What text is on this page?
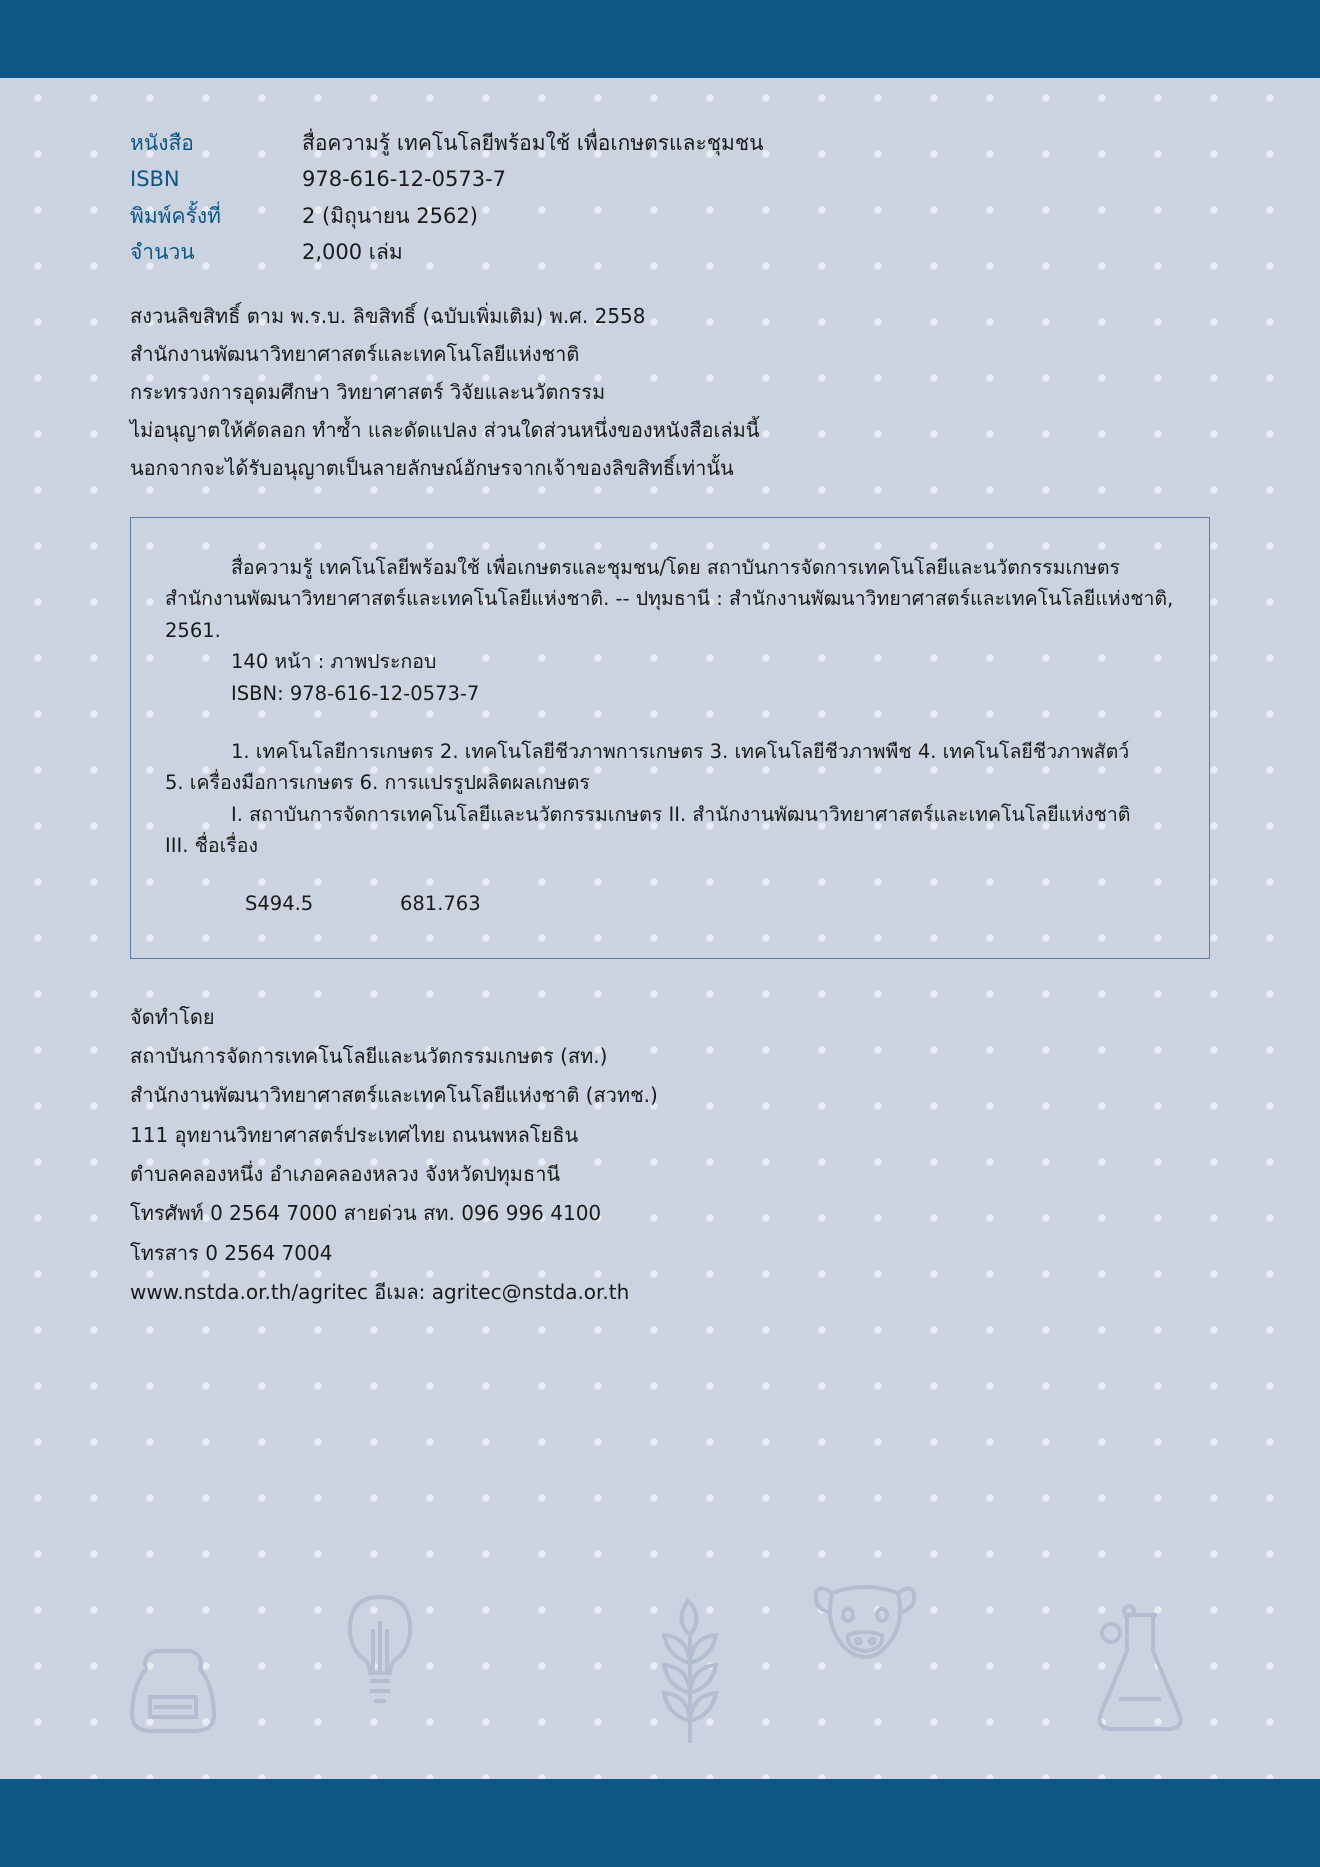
หนังสือ	สื่อความรู้ เทคโนโลยีพร้อมใช้ เพื่อเกษตรและชุมชน
ISBN	978-616-12-0573-7
พิมพ์ครั้งที่	2 (มิถุนายน 2562)
จำนวน	2,000 เล่ม

สงวนลิขสิทธิ์ ตาม พ.ร.บ. ลิขสิทธิ์ (ฉบับเพิ่มเติม) พ.ศ. 2558

สำนักงานพัฒนาวิทยาศาสตร์และเทคโนโลยีแห่งชาติ

กระทรวงการอุดมศึกษา วิทยาศาสตร์ วิจัยและนวัตกรรม

ไม่อนุญาตให้คัดลอก ทำซ้ำ และดัดแปลง ส่วนใดส่วนหนึ่งของหนังสือเล่มนี้

นอกจากจะได้รับอนุญาตเป็นลายลักษณ์อักษรจากเจ้าของลิขสิทธิ์เท่านั้น

สื่อความรู้ เทคโนโลยีพร้อมใช้ เพื่อเกษตรและชุมชน/โดย สถาบันการจัดการเทคโนโลยีและนวัตกรรมเกษตร สำนักงานพัฒนาวิทยาศาสตร์และเทคโนโลยีแห่งชาติ. -- ปทุมธานี : สำนักงานพัฒนาวิทยาศาสตร์และเทคโนโลยีแห่งชาติ, 2561.

140 หน้า : ภาพประกอบ

ISBN: 978-616-12-0573-7

1. เทคโนโลยีการเกษตร 2. เทคโนโลยีชีวภาพการเกษตร 3. เทคโนโลยีชีวภาพพืช 4. เทคโนโลยีชีวภาพสัตว์

5. เครื่องมือการเกษตร 6. การแปรรูปผลิตผลเกษตร

I. สถาบันการจัดการเทคโนโลยีและนวัตกรรมเกษตร II. สำนักงานพัฒนาวิทยาศาสตร์และเทคโนโลยีแห่งชาติ

III. ชื่อเรื่อง

S494.5              681.763

จัดทำโดย

สถาบันการจัดการเทคโนโลยีและนวัตกรรมเกษตร (สท.)

สำนักงานพัฒนาวิทยาศาสตร์และเทคโนโลยีแห่งชาติ (สวทช.)

111 อุทยานวิทยาศาสตร์ประเทศไทย ถนนพหลโยธิน

ตำบลคลองหนึ่ง อำเภอคลองหลวง จังหวัดปทุมธานี

โทรศัพท์ 0 2564 7000 สายด่วน สท. 096 996 4100

โทรสาร 0 2564 7004

www.nstda.or.th/agritec อีเมล: agritec@nstda.or.th
